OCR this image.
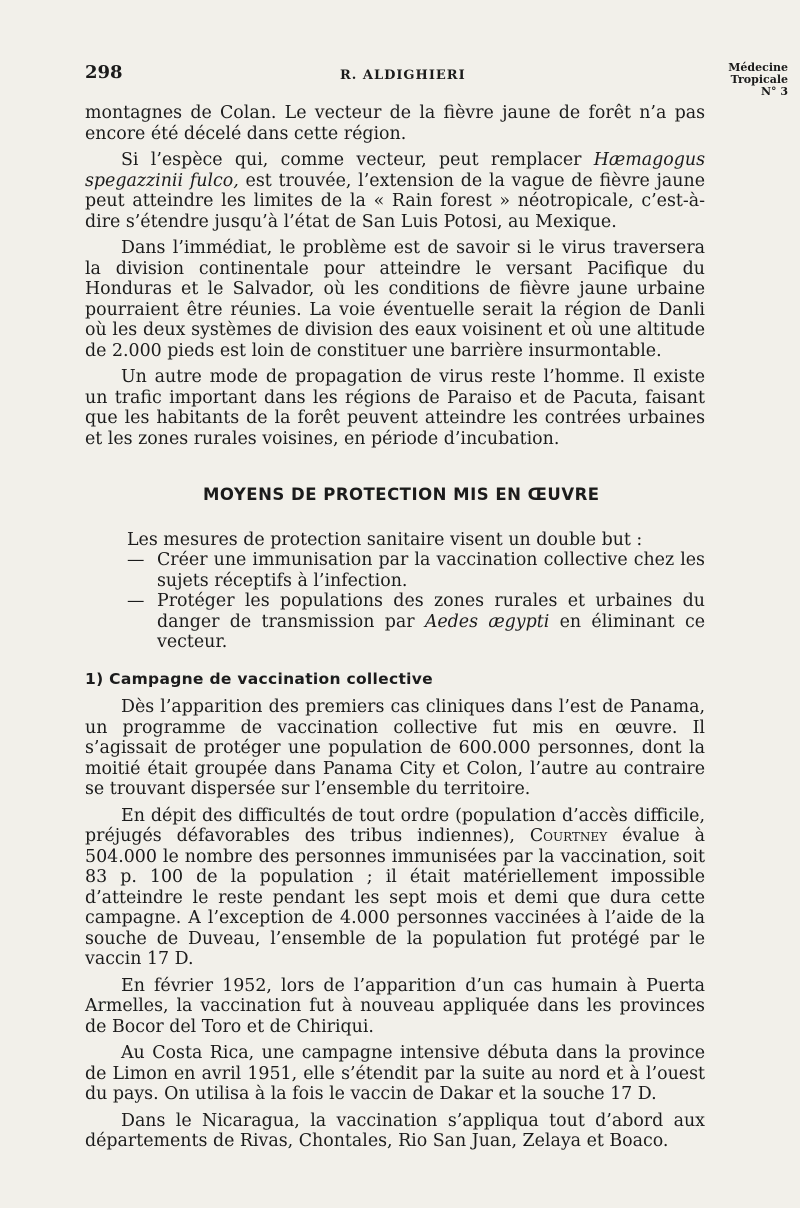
298	R. ALDIGHIERI
Médecine
Tropicale
N° 3

montagnes de Colan. Le vecteur de la fièvre jaune de forêt n’a pas encore été décelé dans cette région.

Si l’espèce qui, comme vecteur, peut remplacer Hæmagogus spegazzinii fulco, est trouvée, l’extension de la vague de fièvre jaune peut atteindre les limites de la « Rain forest » néotropicale, c’est-à-dire s’étendre jusqu’à l’état de San Luis Potosi, au Mexique.

Dans l’immédiat, le problème est de savoir si le virus traversera la division continentale pour atteindre le versant Pacifique du Honduras et le Salvador, où les conditions de fièvre jaune urbaine pourraient être réunies. La voie éventuelle serait la région de Danli où les deux systèmes de division des eaux voisinent et où une altitude de 2.000 pieds est loin de constituer une barrière insurmontable.

Un autre mode de propagation de virus reste l’homme. Il existe un trafic important dans les régions de Paraiso et de Pacuta, faisant que les habitants de la forêt peuvent atteindre les contrées urbaines et les zones rurales voisines, en période d’incubation.

MOYENS DE PROTECTION MIS EN ŒUVRE

Les mesures de protection sanitaire visent un double but :

— Créer une immunisation par la vaccination collective chez les sujets réceptifs à l’infection.
— Protéger les populations des zones rurales et urbaines du danger de transmission par Aedes ægypti en éliminant ce vecteur.
1) Campagne de vaccination collective

Dès l’apparition des premiers cas cliniques dans l’est de Panama, un programme de vaccination collective fut mis en œuvre. Il s’agissait de protéger une population de 600.000 personnes, dont la moitié était groupée dans Panama City et Colon, l’autre au contraire se trouvant dispersée sur l’ensemble du territoire.

En dépit des difficultés de tout ordre (population d’accès difficile, préjugés défavorables des tribus indiennes), Courtney évalue à 504.000 le nombre des personnes immunisées par la vaccination, soit 83 p. 100 de la population ; il était matériellement impossible d’atteindre le reste pendant les sept mois et demi que dura cette campagne. A l’exception de 4.000 personnes vaccinées à l’aide de la souche de Duveau, l’ensemble de la population fut protégé par le vaccin 17 D.

En février 1952, lors de l’apparition d’un cas humain à Puerta Armelles, la vaccination fut à nouveau appliquée dans les provinces de Bocor del Toro et de Chiriqui.

Au Costa Rica, une campagne intensive débuta dans la province de Limon en avril 1951, elle s’étendit par la suite au nord et à l’ouest du pays. On utilisa à la fois le vaccin de Dakar et la souche 17 D.

Dans le Nicaragua, la vaccination s’appliqua tout d’abord aux départements de Rivas, Chontales, Rio San Juan, Zelaya et Boaco.
